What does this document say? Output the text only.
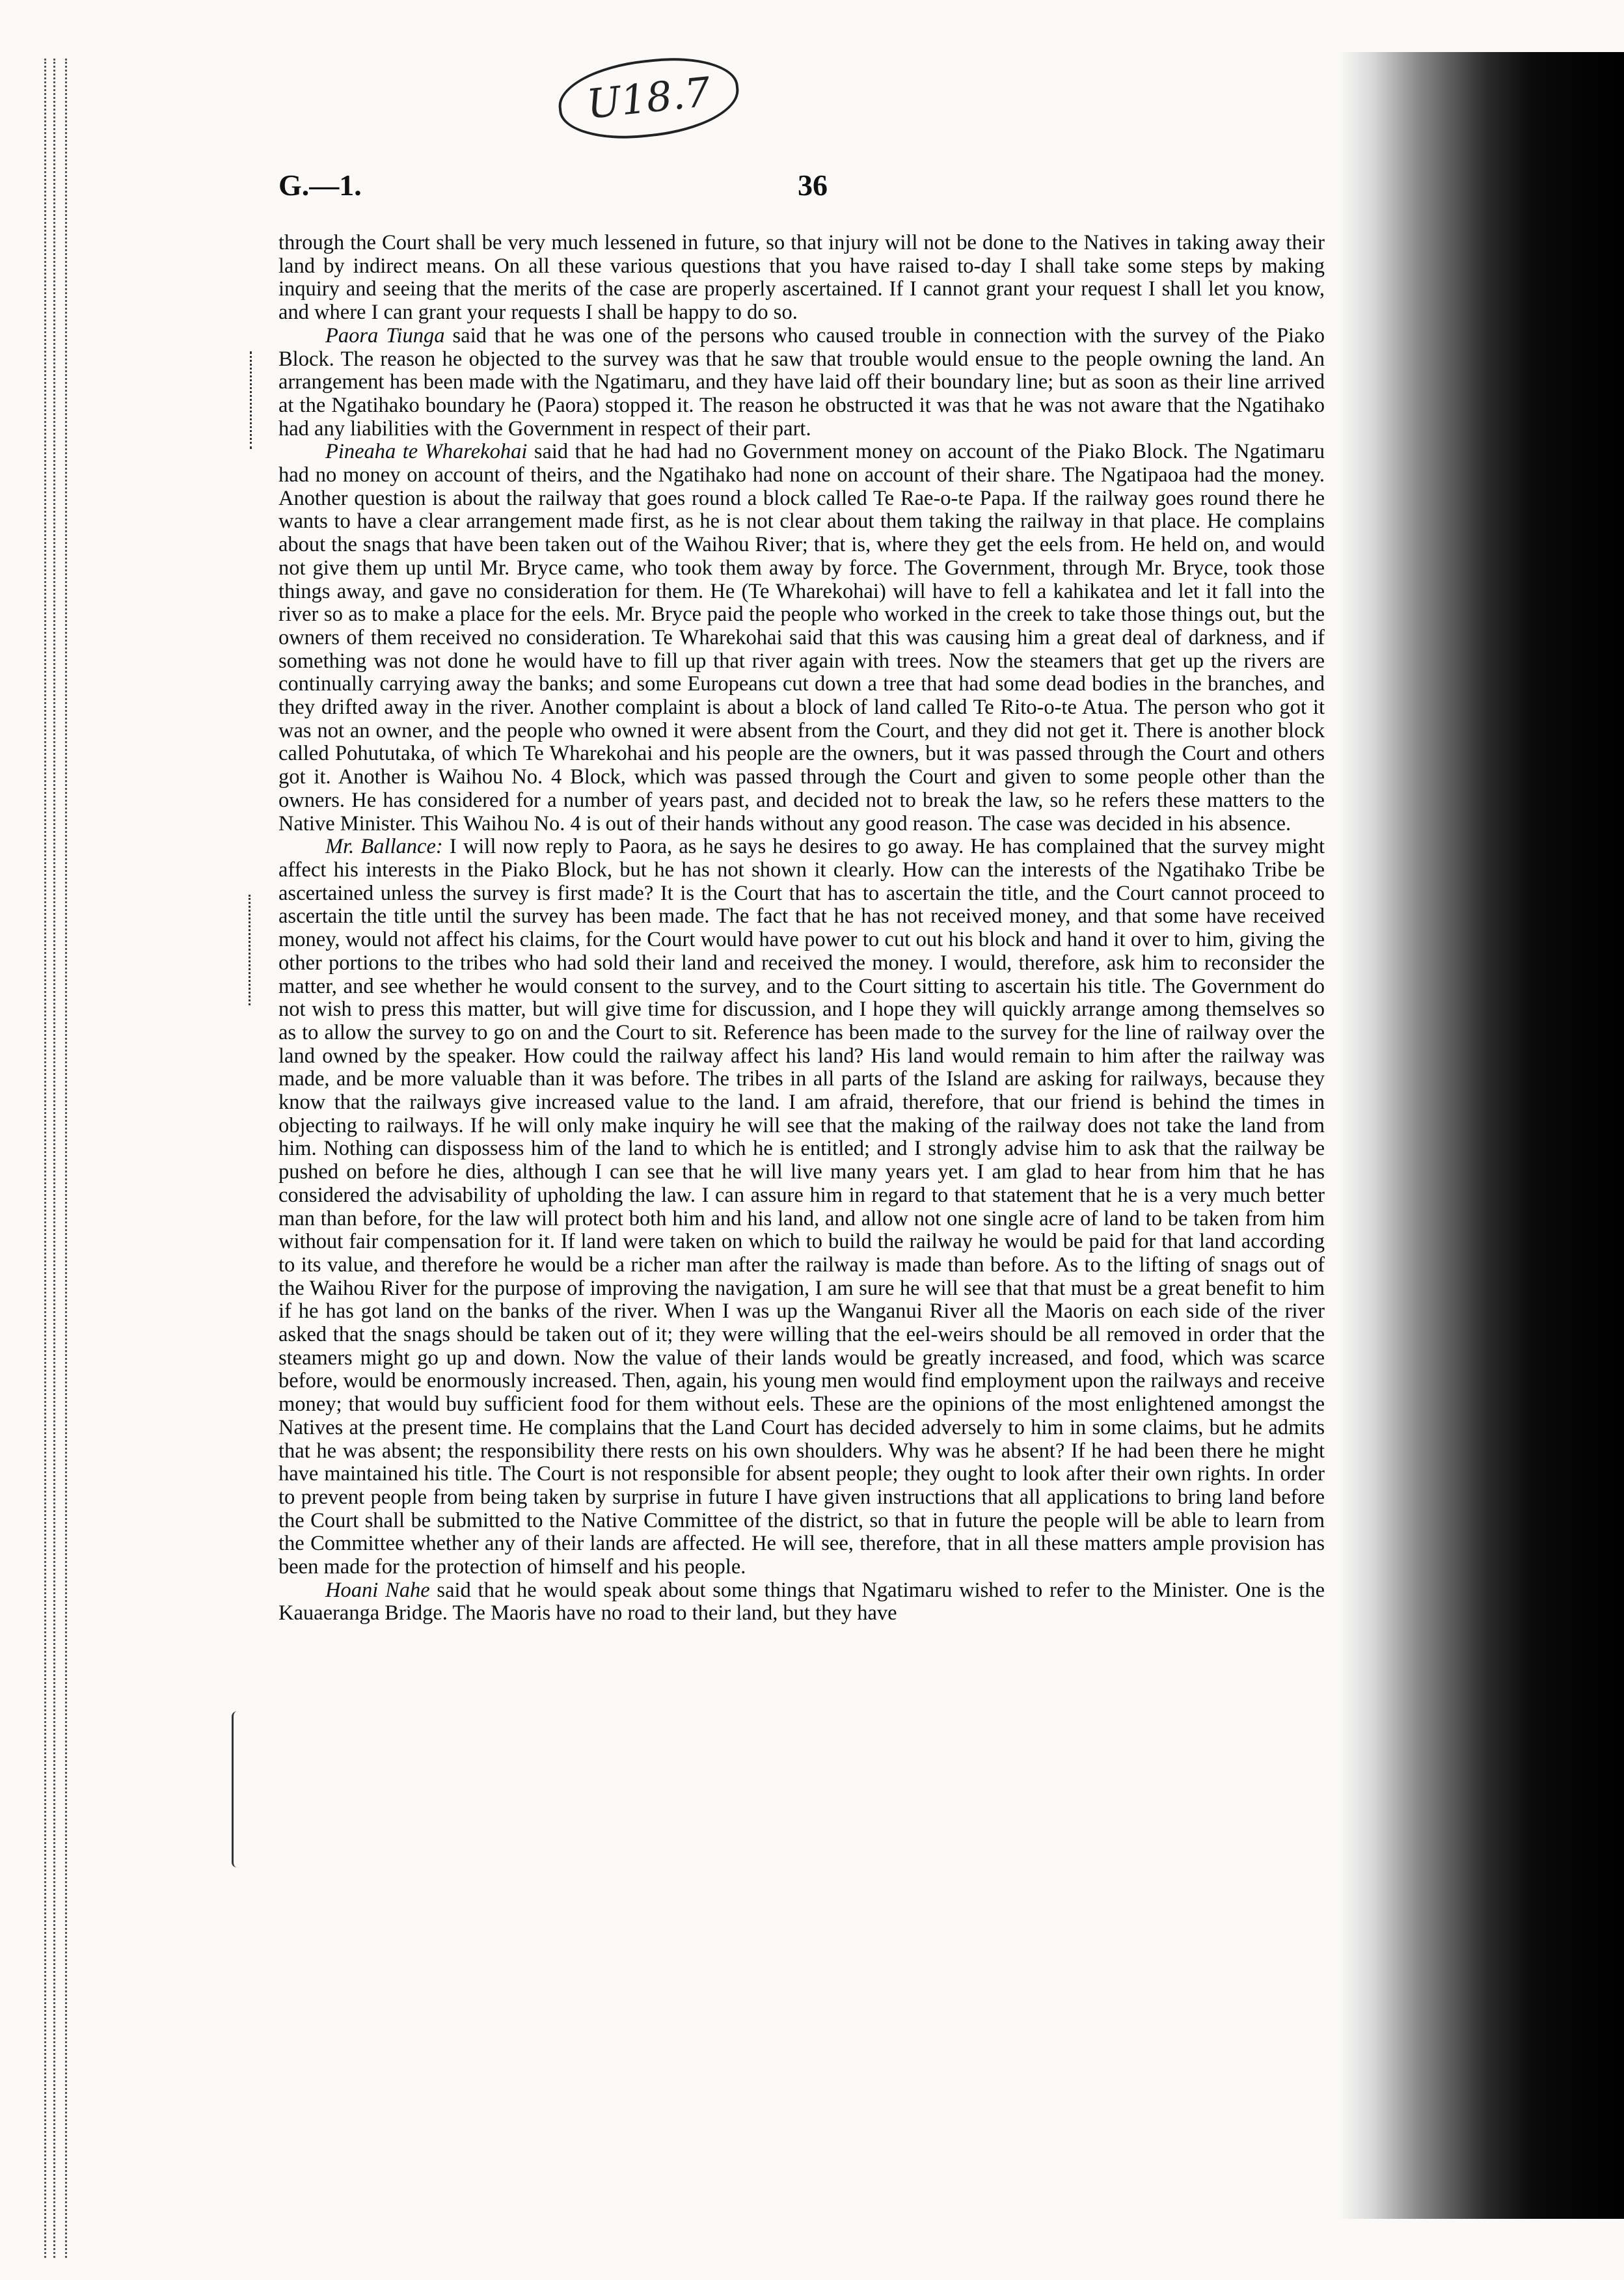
U18.7
G.—1.	36

through the Court shall be very much lessened in future, so that injury will not be done to the Natives in taking away their land by indirect means. On all these various questions that you have raised to-day I shall take some steps by making inquiry and seeing that the merits of the case are properly ascertained. If I cannot grant your request I shall let you know, and where I can grant your requests I shall be happy to do so.

Paora Tiunga said that he was one of the persons who caused trouble in connection with the survey of the Piako Block. The reason he objected to the survey was that he saw that trouble would ensue to the people owning the land. An arrangement has been made with the Ngatimaru, and they have laid off their boundary line; but as soon as their line arrived at the Ngatihako boundary he (Paora) stopped it. The reason he obstructed it was that he was not aware that the Ngatihako had any liabilities with the Government in respect of their part.

Pineaha te Wharekohai said that he had had no Government money on account of the Piako Block. The Ngatimaru had no money on account of theirs, and the Ngatihako had none on account of their share. The Ngatipaoa had the money. Another question is about the railway that goes round a block called Te Rae-o-te Papa. If the railway goes round there he wants to have a clear arrangement made first, as he is not clear about them taking the railway in that place. He complains about the snags that have been taken out of the Waihou River; that is, where they get the eels from. He held on, and would not give them up until Mr. Bryce came, who took them away by force. The Government, through Mr. Bryce, took those things away, and gave no consideration for them. He (Te Wharekohai) will have to fell a kahikatea and let it fall into the river so as to make a place for the eels. Mr. Bryce paid the people who worked in the creek to take those things out, but the owners of them received no consideration. Te Wharekohai said that this was causing him a great deal of darkness, and if something was not done he would have to fill up that river again with trees. Now the steamers that get up the rivers are continually carrying away the banks; and some Europeans cut down a tree that had some dead bodies in the branches, and they drifted away in the river. Another complaint is about a block of land called Te Rito-o-te Atua. The person who got it was not an owner, and the people who owned it were absent from the Court, and they did not get it. There is another block called Pohututaka, of which Te Wharekohai and his people are the owners, but it was passed through the Court and others got it. Another is Waihou No. 4 Block, which was passed through the Court and given to some people other than the owners. He has considered for a number of years past, and decided not to break the law, so he refers these matters to the Native Minister. This Waihou No. 4 is out of their hands without any good reason. The case was decided in his absence.

Mr. Ballance: I will now reply to Paora, as he says he desires to go away. He has complained that the survey might affect his interests in the Piako Block, but he has not shown it clearly. How can the interests of the Ngatihako Tribe be ascertained unless the survey is first made? It is the Court that has to ascertain the title, and the Court cannot proceed to ascertain the title until the survey has been made. The fact that he has not received money, and that some have received money, would not affect his claims, for the Court would have power to cut out his block and hand it over to him, giving the other portions to the tribes who had sold their land and received the money. I would, therefore, ask him to reconsider the matter, and see whether he would consent to the survey, and to the Court sitting to ascertain his title. The Government do not wish to press this matter, but will give time for discussion, and I hope they will quickly arrange among themselves so as to allow the survey to go on and the Court to sit. Reference has been made to the survey for the line of railway over the land owned by the speaker. How could the railway affect his land? His land would remain to him after the railway was made, and be more valuable than it was before. The tribes in all parts of the Island are asking for railways, because they know that the railways give increased value to the land. I am afraid, therefore, that our friend is behind the times in objecting to railways. If he will only make inquiry he will see that the making of the railway does not take the land from him. Nothing can dispossess him of the land to which he is entitled; and I strongly advise him to ask that the railway be pushed on before he dies, although I can see that he will live many years yet. I am glad to hear from him that he has considered the advisability of upholding the law. I can assure him in regard to that statement that he is a very much better man than before, for the law will protect both him and his land, and allow not one single acre of land to be taken from him without fair compensation for it. If land were taken on which to build the railway he would be paid for that land according to its value, and therefore he would be a richer man after the railway is made than before. As to the lifting of snags out of the Waihou River for the purpose of improving the navigation, I am sure he will see that that must be a great benefit to him if he has got land on the banks of the river. When I was up the Wanganui River all the Maoris on each side of the river asked that the snags should be taken out of it; they were willing that the eel-weirs should be all removed in order that the steamers might go up and down. Now the value of their lands would be greatly increased, and food, which was scarce before, would be enormously increased. Then, again, his young men would find employment upon the railways and receive money; that would buy sufficient food for them without eels. These are the opinions of the most enlightened amongst the Natives at the present time. He complains that the Land Court has decided adversely to him in some claims, but he admits that he was absent; the responsibility there rests on his own shoulders. Why was he absent? If he had been there he might have maintained his title. The Court is not responsible for absent people; they ought to look after their own rights. In order to prevent people from being taken by surprise in future I have given instructions that all applications to bring land before the Court shall be submitted to the Native Committee of the district, so that in future the people will be able to learn from the Committee whether any of their lands are affected. He will see, therefore, that in all these matters ample provision has been made for the protection of himself and his people.

Hoani Nahe said that he would speak about some things that Ngatimaru wished to refer to the Minister. One is the Kauaeranga Bridge. The Maoris have no road to their land, but they have
